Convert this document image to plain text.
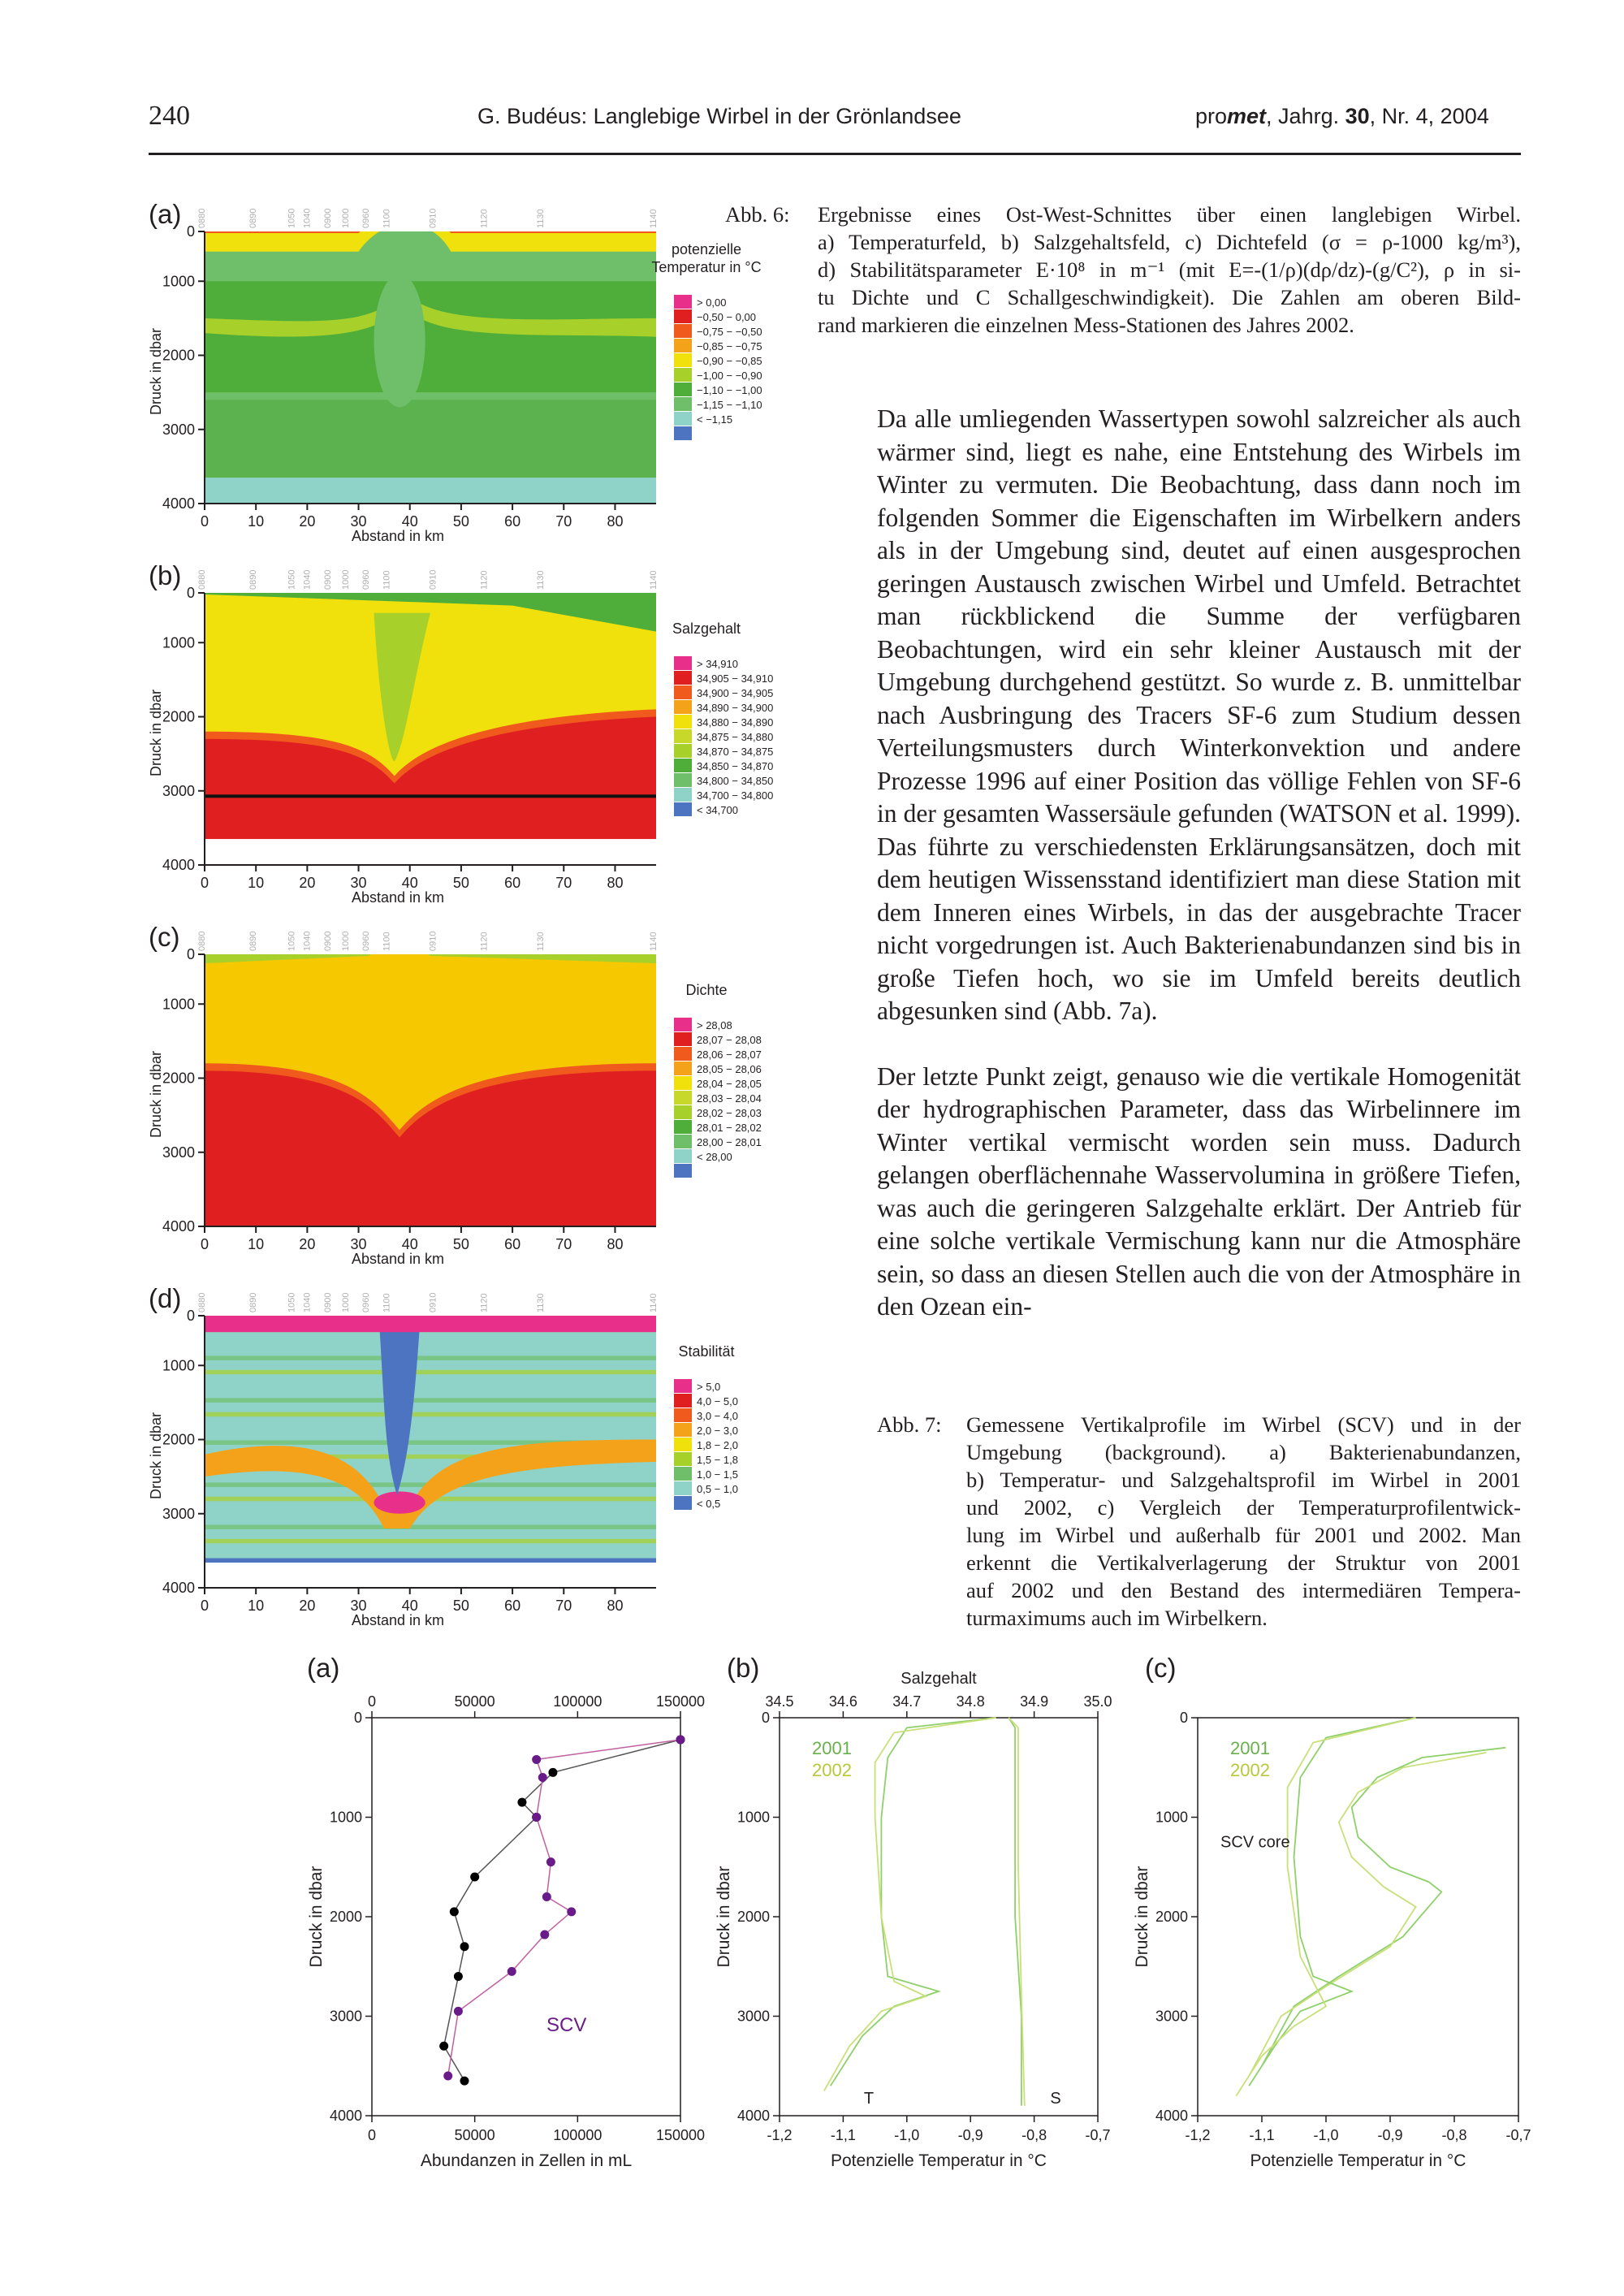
240	G. Budéus: Langlebige Wirbel in der Grönlandsee	promet, Jahrg. 30, Nr. 4, 2004
(a) 0880	0890	1050 1040 0900 1000 0960 1100	0910	1120	1130	1140
0
1000
2000
3000
4000
0	10 20 30 40 50 60 70 80
Abstand in km
Druck in dbar
potenzielle
Temperatur in °C
> 0,00
−0,50 − 0,00
−0,75 − −0,50
−0,85 − −0,75
−0,90 − −0,85
−1,00 − −0,90
−1,10 − −1,00
−1,15 − −1,10
< −1,15
(b) 0880	0890	1050 1040 0900 1000 0960 1100	0910	1120	1130	1140
0
1000
2000
3000
4000
0	10 20 30 40 50 60 70 80
Abstand in km
Druck in dbar
Salzgehalt
> 34,910
34,905 − 34,910
34,900 − 34,905
34,890 − 34,900
34,880 − 34,890
34,875 − 34,880
34,870 − 34,875
34,850 − 34,870
34,800 − 34,850
34,700 − 34,800
< 34,700
(c) 0880	0890	1050 1040 0900 1000 0960 1100	0910	1120	1130	1140
0
1000
2000
3000
4000
0	10 20 30 40 50 60 70 80
Abstand in km
Druck in dbar
Dichte
> 28,08
28,07 − 28,08
28,06 − 28,07
28,05 − 28,06
28,04 − 28,05
28,03 − 28,04
28,02 − 28,03
28,01 − 28,02
28,00 − 28,01
< 28,00
(d) 0880	0890	1050 1040 0900 1000 0960 1100	0910	1120	1130	1140
0
1000
2000
3000
4000
0	10 20 30 40 50 60 70 80
Abstand in km
Druck in dbar
Stabilität
> 5,0
4,0 − 5,0
3,0 − 4,0
2,0 − 3,0
1,8 − 2,0
1,5 − 1,8
1,0 − 1,5
0,5 − 1,0
< 0,5
Abb. 6: Ergebnisse eines Ost-West-Schnittes über einen langlebigen Wirbel.
a) Temperaturfeld, b) Salzgehaltsfeld, c) Dichtefeld (σ = ρ-1000 kg/m³),
d) Stabilitätsparameter E·10⁸ in m⁻¹ (mit E=-(1/ρ)(dρ/dz)-(g/C²), ρ in si-
tu Dichte und C Schallgeschwindigkeit). Die Zahlen am oberen Bild-
rand markieren die einzelnen Mess-Stationen des Jahres 2002.

Da alle umliegenden Wassertypen sowohl salzreicher als auch wärmer sind, liegt es nahe, eine Entstehung des Wirbels im Winter zu vermuten. Die Beobachtung, dass dann noch im folgenden Sommer die Eigenschaften im Wirbelkern anders als in der Umgebung sind, deutet auf einen ausgesprochen geringen Austausch zwischen Wirbel und Umfeld. Betrachtet man rückblickend die Summe der verfügbaren Beobachtungen, wird ein sehr kleiner Austausch mit der Umgebung durchgehend gestützt. So wurde z. B. unmittelbar nach Ausbringung des Tracers SF-6 zum Studium dessen Verteilungsmusters durch Winterkonvektion und andere Prozesse 1996 auf einer Position das völlige Fehlen von SF-6 in der gesamten Wassersäule gefunden (WATSON et al. 1999). Das führte zu verschiedensten Erklärungsansätzen, doch mit dem heutigen Wissensstand identifiziert man diese Station mit dem Inneren eines Wirbels, in das der ausgebrachte Tracer nicht vorgedrungen ist. Auch Bakterienabundanzen sind bis in große Tiefen hoch, wo sie im Umfeld bereits deutlich abgesunken sind (Abb. 7a).

Der letzte Punkt zeigt, genauso wie die vertikale Homogenität der hydrographischen Parameter, dass das Wirbelinnere im Winter vertikal vermischt worden sein muss. Dadurch gelangen oberflächennahe Wasservolumina in größere Tiefen, was auch die geringeren Salzgehalte erklärt. Der Antrieb für eine solche vertikale Vermischung kann nur die Atmosphäre sein, so dass an diesen Stellen auch die von der Atmosphäre in den Ozean ein-

Abb. 7: Gemessene Vertikalprofile im Wirbel (SCV) und in der
Umgebung (background). a) Bakterienabundanzen,
b) Temperatur- und Salzgehaltsprofil im Wirbel in 2001
und 2002, c) Vergleich der Temperaturprofilentwick-
lung im Wirbel und außerhalb für 2001 und 2002. Man
erkennt die Vertikalverlagerung der Struktur von 2001
auf 2002 und den Bestand des intermediären Tempera-
turmaximums auch im Wirbelkern.
(a)
0
1000
2000
3000
4000
0
0
50000
50000
100000
100000
150000
150000
Abundanzen in Zellen in mL
Druck in dbar
SCV
(b)
0
1000
2000
3000
4000
-1,2	-1,1	-1,0	-0,9	-0,8	-0,7
34.5 34.6 34.7 34.8 34.9 35.0
Salzgehalt
Potenzielle Temperatur in °C
Druck in dbar
2001
2002
T	S
(c)
0
1000
2000
3000
4000
-1,2	-1,1	-1,0	-0,9	-0,8	-0,7
Potenzielle Temperatur in °C
Druck in dbar
2001
2002
SCV core
